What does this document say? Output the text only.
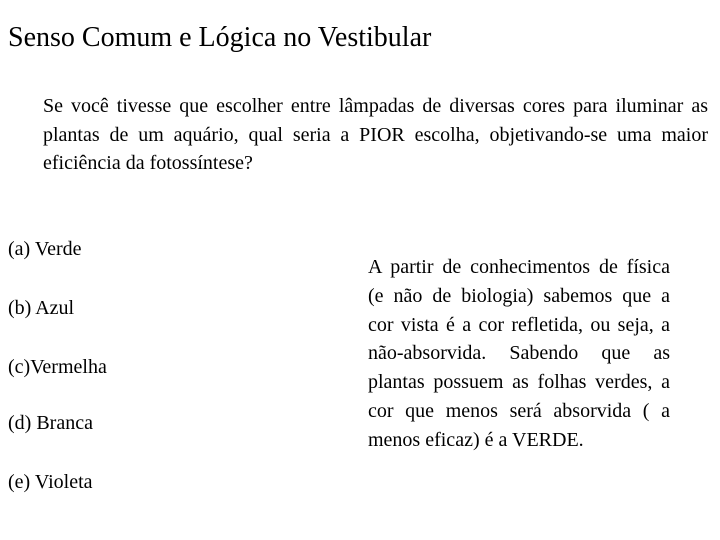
Senso Comum e Lógica no Vestibular
Se você tivesse que escolher entre lâmpadas de diversas cores para iluminar as plantas de um aquário, qual seria a PIOR escolha, objetivando-se uma maior eficiência da fotossíntese?
(a) Verde
(b) Azul
(c)Vermelha
(d) Branca
(e) Violeta
A partir de conhecimentos de física (e não de biologia) sabemos que a cor vista é a cor refletida, ou seja, a não-absorvida. Sabendo que as plantas possuem as folhas verdes, a cor que menos será absorvida ( a menos eficaz) é a VERDE.
